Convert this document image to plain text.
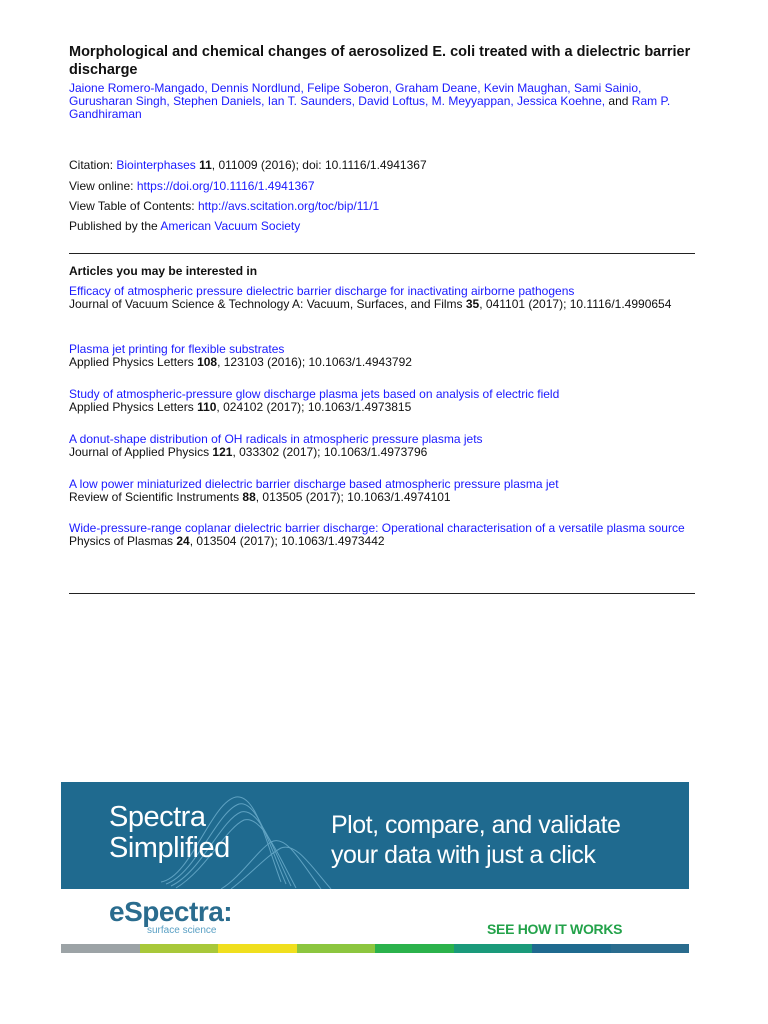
Morphological and chemical changes of aerosolized E. coli treated with a dielectric barrier discharge
Jaione Romero-Mangado, Dennis Nordlund, Felipe Soberon, Graham Deane, Kevin Maughan, Sami Sainio, Gurusharan Singh, Stephen Daniels, Ian T. Saunders, David Loftus, M. Meyyappan, Jessica Koehne, and Ram P. Gandhiraman
Citation: Biointerphases 11, 011009 (2016); doi: 10.1116/1.4941367
View online: https://doi.org/10.1116/1.4941367
View Table of Contents: http://avs.scitation.org/toc/bip/11/1
Published by the American Vacuum Society
Articles you may be interested in
Efficacy of atmospheric pressure dielectric barrier discharge for inactivating airborne pathogens
Journal of Vacuum Science & Technology A: Vacuum, Surfaces, and Films 35, 041101 (2017); 10.1116/1.4990654
Plasma jet printing for flexible substrates
Applied Physics Letters 108, 123103 (2016); 10.1063/1.4943792
Study of atmospheric-pressure glow discharge plasma jets based on analysis of electric field
Applied Physics Letters 110, 024102 (2017); 10.1063/1.4973815
A donut-shape distribution of OH radicals in atmospheric pressure plasma jets
Journal of Applied Physics 121, 033302 (2017); 10.1063/1.4973796
A low power miniaturized dielectric barrier discharge based atmospheric pressure plasma jet
Review of Scientific Instruments 88, 013505 (2017); 10.1063/1.4974101
Wide-pressure-range coplanar dielectric barrier discharge: Operational characterisation of a versatile plasma source
Physics of Plasmas 24, 013504 (2017); 10.1063/1.4973442
Spectra
Simplified
Plot, compare, and validate
your data with just a click
eSpectra:
surface science	SEE HOW IT WORKS
